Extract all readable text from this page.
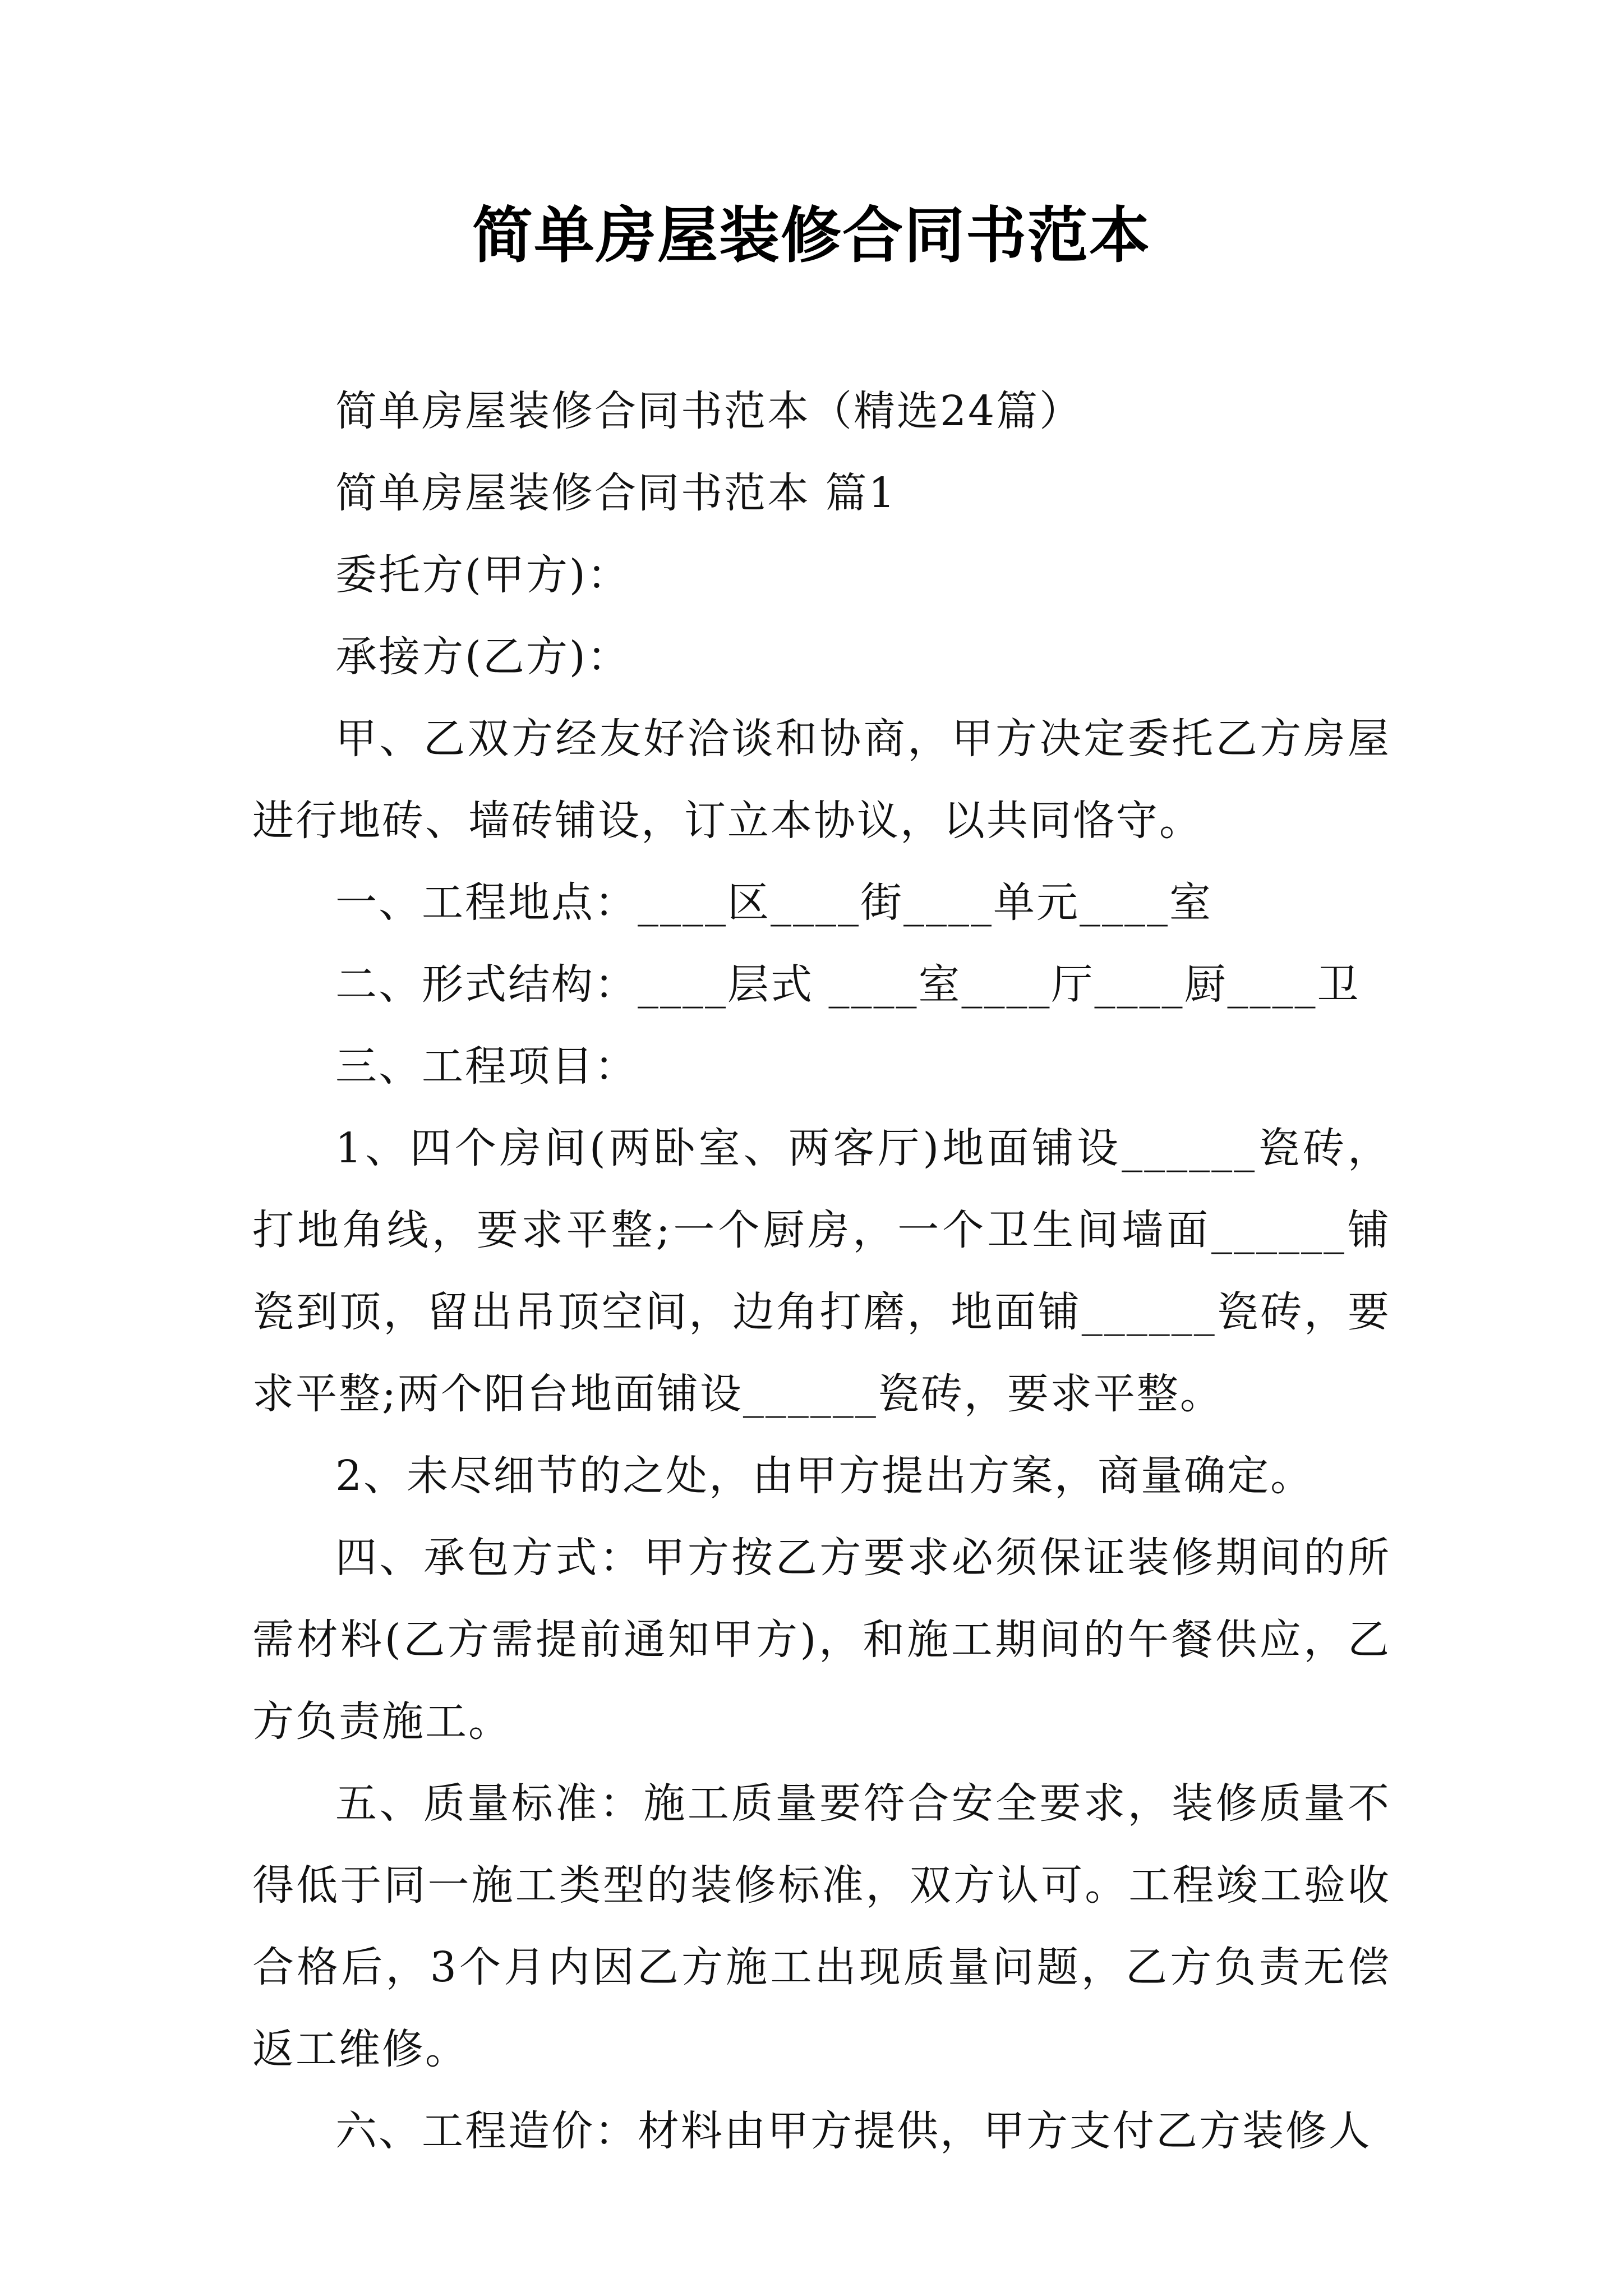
简单房屋装修合同书范本

简单房屋装修合同书范本（精选24篇）

简单房屋装修合同书范本 篇1

委托方(甲方)：

承接方(乙方)：

甲、乙双方经友好洽谈和协商，甲方决定委托乙方房屋进行地砖、墙砖铺设，订立本协议，以共同恪守。

一、工程地点：____区____街____单元____室

二、形式结构：____层式 ____室____厅____厨____卫

三、工程项目：

1、四个房间(两卧室、两客厅)地面铺设______瓷砖，打地角线，要求平整;一个厨房，一个卫生间墙面______铺瓷到顶，留出吊顶空间，边角打磨，地面铺______瓷砖，要求平整;两个阳台地面铺设______瓷砖，要求平整。

2、未尽细节的之处，由甲方提出方案，商量确定。

四、承包方式：甲方按乙方要求必须保证装修期间的所需材料(乙方需提前通知甲方)，和施工期间的午餐供应，乙方负责施工。

五、质量标准：施工质量要符合安全要求，装修质量不得低于同一施工类型的装修标准，双方认可。工程竣工验收合格后，3个月内因乙方施工出现质量问题，乙方负责无偿返工维修。

六、工程造价：材料由甲方提供，甲方支付乙方装修人
